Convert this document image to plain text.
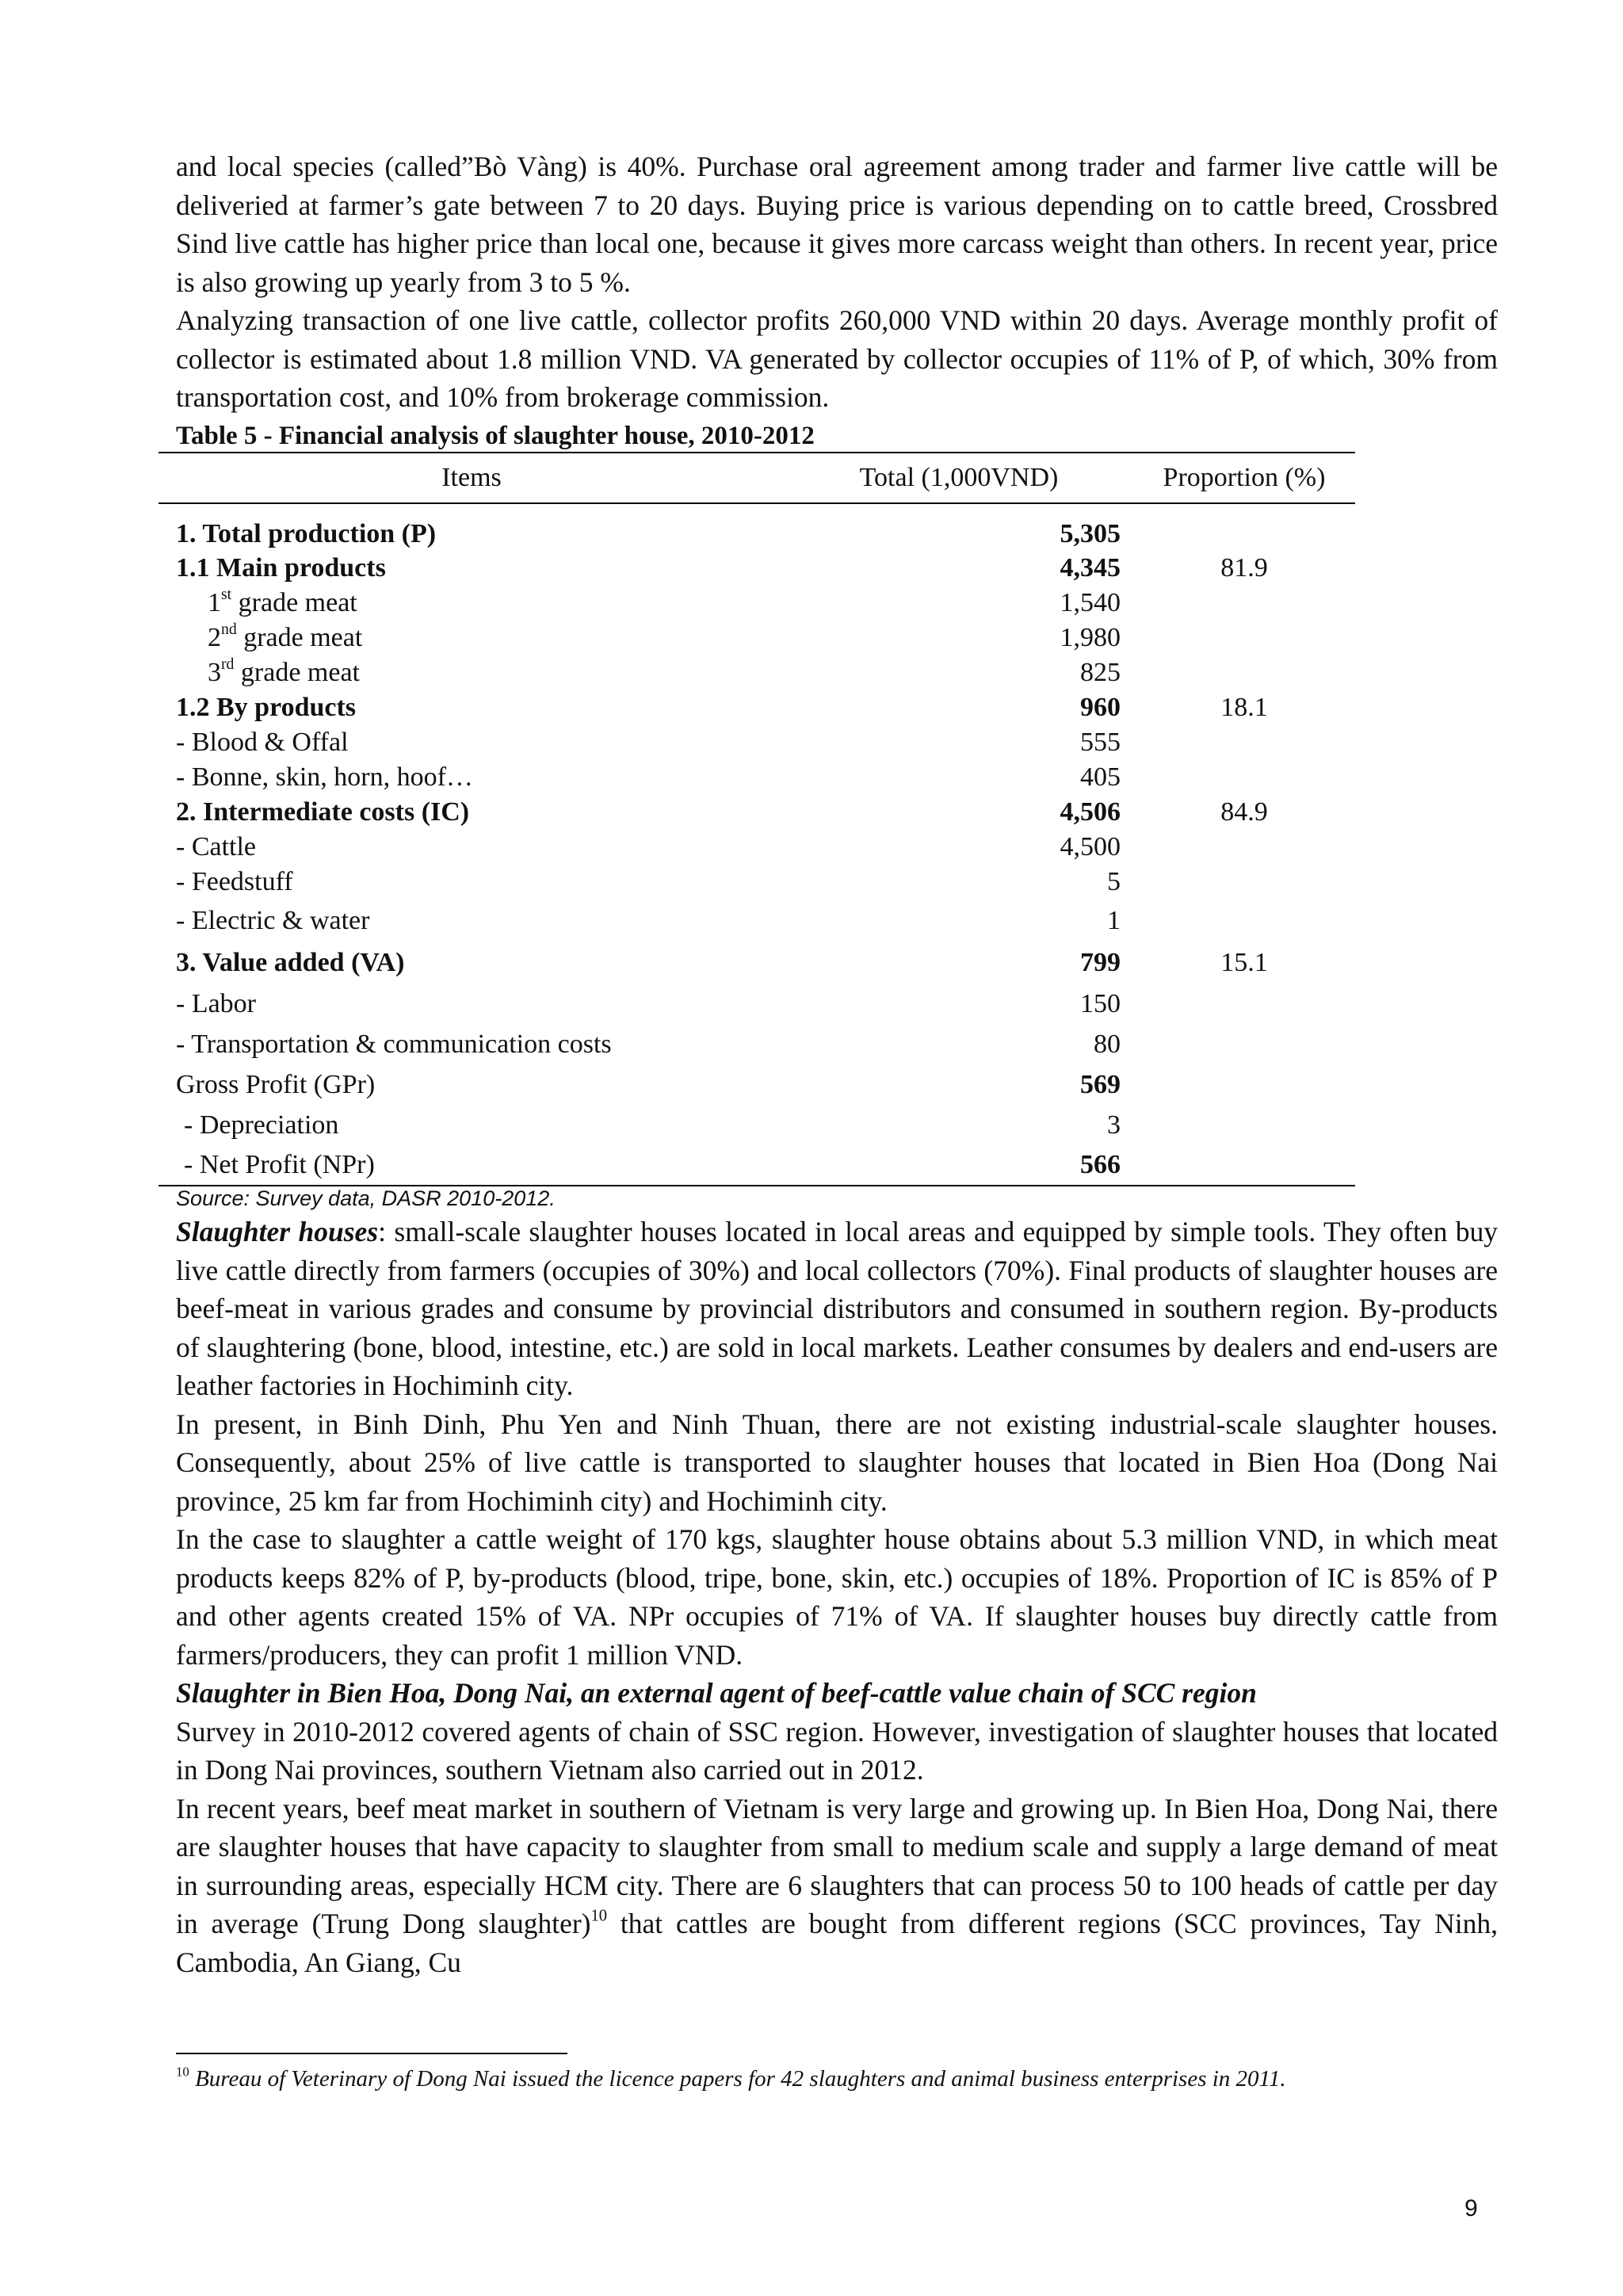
and local species (called”Bò Vàng) is 40%. Purchase oral agreement among trader and farmer live cattle will be deliveried at farmer’s gate between 7 to 20 days. Buying price is various depending on to cattle breed, Crossbred Sind live cattle has higher price than local one, because it gives more carcass weight than others. In recent year, price is also growing up yearly from 3 to 5 %.

Analyzing transaction of one live cattle, collector profits 260,000 VND within 20 days. Average monthly profit of collector is estimated about 1.8 million VND. VA generated by collector occupies of 11% of P, of which, 30% from transportation cost, and 10% from brokerage commission.

Table 5 - Financial analysis of slaughter house, 2010-2012

Items	Total (1,000VND)	Proportion (%)
1. Total production (P)	5,305	
1.1 Main products	4,345	81.9
1st grade meat	1,540	
2nd grade meat	1,980	
3rd grade meat	825	
1.2 By products	960	18.1
- Blood & Offal	555	
- Bonne, skin, horn, hoof…	405	
2. Intermediate costs (IC)	4,506	84.9
- Cattle	4,500	
- Feedstuff	5	
- Electric & water	1	
3. Value added (VA)	799	15.1
- Labor	150	
- Transportation & communication costs	80	
Gross Profit (GPr)	569	
- Depreciation	3	
- Net Profit (NPr)	566	

Source: Survey data, DASR 2010-2012.

Slaughter houses: small-scale slaughter houses located in local areas and equipped by simple tools. They often buy live cattle directly from farmers (occupies of 30%) and local collectors (70%). Final products of slaughter houses are beef-meat in various grades and consume by provincial distributors and consumed in southern region. By-products of slaughtering (bone, blood, intestine, etc.) are sold in local markets. Leather consumes by dealers and end-users are leather factories in Hochiminh city.

In present, in Binh Dinh, Phu Yen and Ninh Thuan, there are not existing industrial-scale slaughter houses. Consequently, about 25% of live cattle is transported to slaughter houses that located in Bien Hoa (Dong Nai province, 25 km far from Hochiminh city) and Hochiminh city.

In the case to slaughter a cattle weight of 170 kgs, slaughter house obtains about 5.3 million VND, in which meat products keeps 82% of P, by-products (blood, tripe, bone, skin, etc.) occupies of 18%. Proportion of IC is 85% of P and other agents created 15% of VA. NPr occupies of 71% of VA. If slaughter houses buy directly cattle from farmers/producers, they can profit 1 million VND.

Slaughter in Bien Hoa, Dong Nai, an external agent of beef-cattle value chain of SCC region

Survey in 2010-2012 covered agents of chain of SSC region. However, investigation of slaughter houses that located in Dong Nai provinces, southern Vietnam also carried out in 2012.

In recent years, beef meat market in southern of Vietnam is very large and growing up. In Bien Hoa, Dong Nai, there are slaughter houses that have capacity to slaughter from small to medium scale and supply a large demand of meat in surrounding areas, especially HCM city. There are 6 slaughters that can process 50 to 100 heads of cattle per day in average (Trung Dong slaughter)$^{10}$ that cattles are bought from different regions (SCC provinces, Tay Ninh, Cambodia, An Giang, Cu

$^{10}$ Bureau of Veterinary of Dong Nai issued the licence papers for 42 slaughters and animal business enterprises in 2011.

9
